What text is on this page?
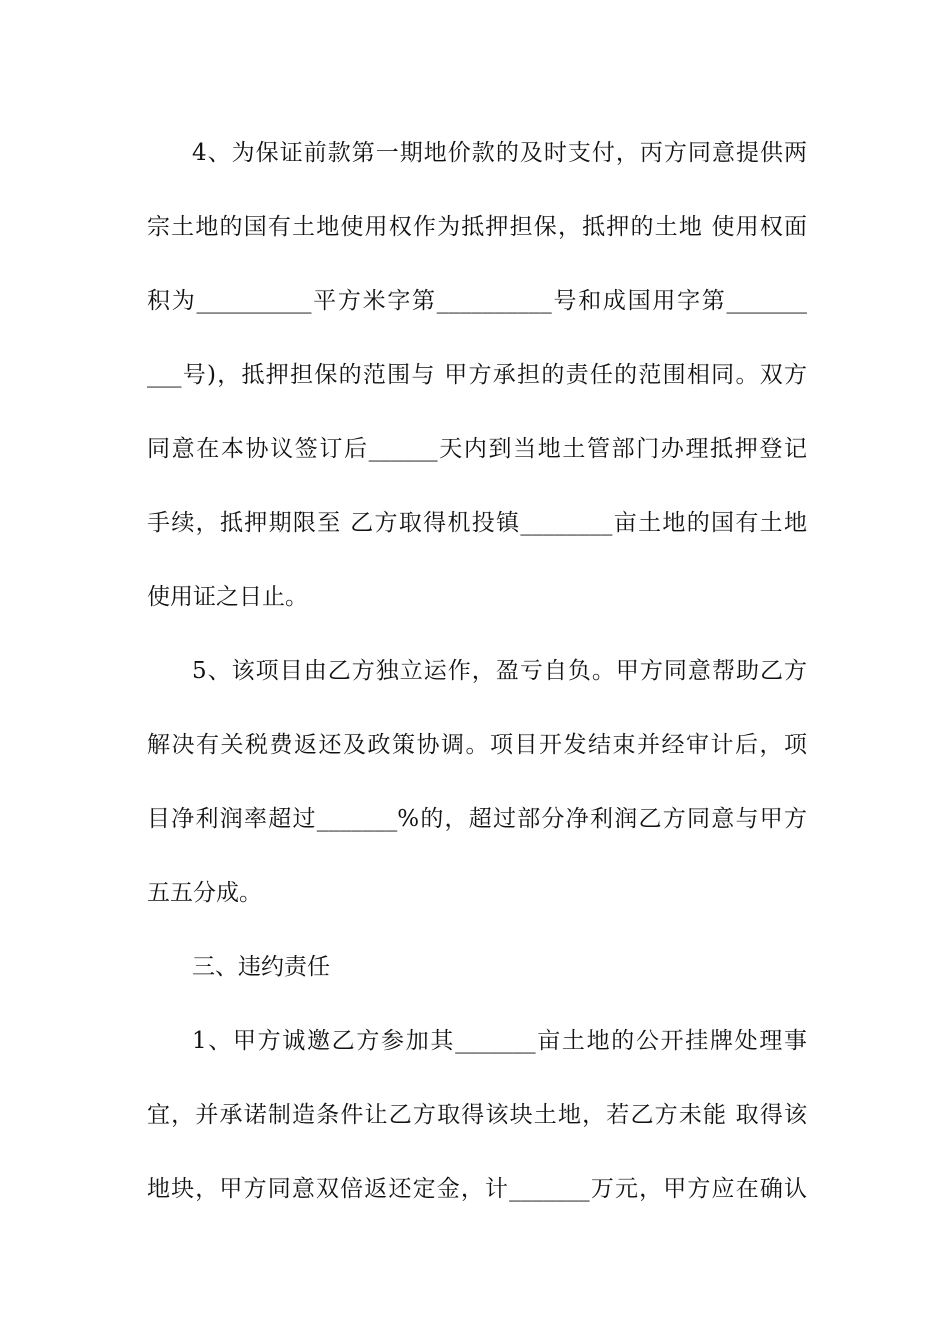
4、为保证前款第一期地价款的及时支付，丙方同意提供两
宗土地的国有土地使用权作为抵押担保，抵押的土地 使用权面
积为__________平方米字第__________号和成国用字第_______
___号)，抵押担保的范围与 甲方承担的责任的范围相同。双方
同意在本协议签订后______天内到当地土管部门办理抵押登记
手续，抵押期限至 乙方取得机投镇________亩土地的国有土地
使用证之日止。
5、该项目由乙方独立运作，盈亏自负。甲方同意帮助乙方
解决有关税费返还及政策协调。项目开发结束并经审计后，项
目净利润率超过_______%的，超过部分净利润乙方同意与甲方
五五分成。
三、违约责任
1、甲方诚邀乙方参加其_______亩土地的公开挂牌处理事
宜，并承诺制造条件让乙方取得该块土地，若乙方未能 取得该
地块，甲方同意双倍返还定金，计_______万元，甲方应在确认
